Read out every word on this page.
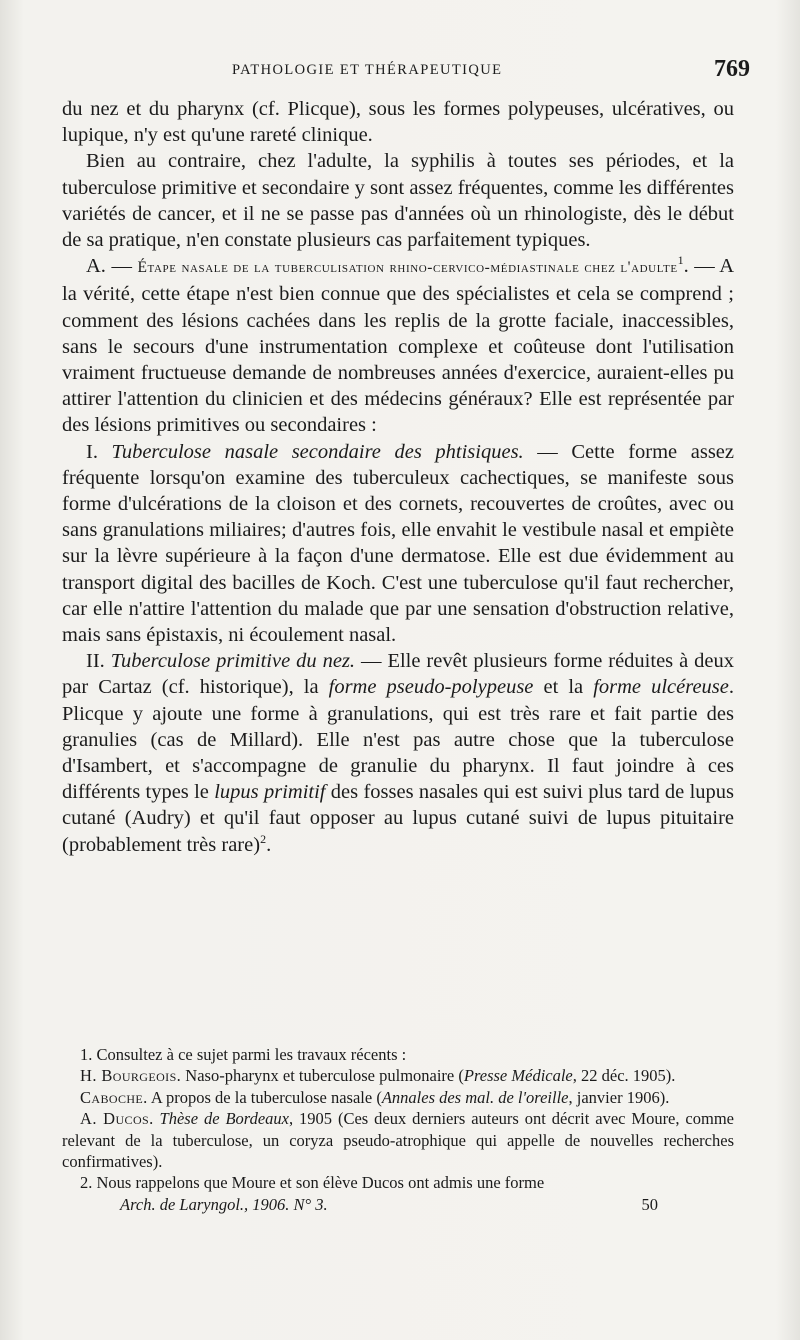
PATHOLOGIE ET THÉRAPEUTIQUE	769

du nez et du pharynx (cf. Plicque), sous les formes polypeuses, ulcératives, ou lupique, n'y est qu'une rareté clinique.

Bien au contraire, chez l'adulte, la syphilis à toutes ses périodes, et la tuberculose primitive et secondaire y sont assez fréquentes, comme les différentes variétés de cancer, et il ne se passe pas d'années où un rhinologiste, dès le début de sa pratique, n'en constate plusieurs cas parfaitement typiques.

A. — Étape nasale de la tuberculisation rhino-cervico-médiastinale chez l'adulte$^1$. — A la vérité, cette étape n'est bien connue que des spécialistes et cela se comprend ; comment des lésions cachées dans les replis de la grotte faciale, inaccessibles, sans le secours d'une instrumentation complexe et coûteuse dont l'utilisation vraiment fructueuse demande de nombreuses années d'exercice, auraient-elles pu attirer l'attention du clinicien et des médecins généraux? Elle est représentée par des lésions primitives ou secondaires :

I. Tuberculose nasale secondaire des phtisiques. — Cette forme assez fréquente lorsqu'on examine des tuberculeux cachectiques, se manifeste sous forme d'ulcérations de la cloison et des cornets, recouvertes de croûtes, avec ou sans granulations miliaires; d'autres fois, elle envahit le vestibule nasal et empiète sur la lèvre supérieure à la façon d'une dermatose. Elle est due évidemment au transport digital des bacilles de Koch. C'est une tuberculose qu'il faut rechercher, car elle n'attire l'attention du malade que par une sensation d'obstruction relative, mais sans épistaxis, ni écoulement nasal.

II. Tuberculose primitive du nez. — Elle revêt plusieurs forme réduites à deux par Cartaz (cf. historique), la forme pseudo-polypeuse et la forme ulcéreuse. Plicque y ajoute une forme à granulations, qui est très rare et fait partie des granulies (cas de Millard). Elle n'est pas autre chose que la tuberculose d'Isambert, et s'accompagne de granulie du pharynx. Il faut joindre à ces différents types le lupus primitif des fosses nasales qui est suivi plus tard de lupus cutané (Audry) et qu'il faut opposer au lupus cutané suivi de lupus pituitaire (probablement très rare)$^2$.

1. Consultez à ce sujet parmi les travaux récents :

H. Bourgeois. Naso-pharynx et tuberculose pulmonaire (Presse Médicale, 22 déc. 1905).

Caboche. A propos de la tuberculose nasale (Annales des mal. de l'oreille, janvier 1906).

A. Ducos. Thèse de Bordeaux, 1905 (Ces deux derniers auteurs ont décrit avec Moure, comme relevant de la tuberculose, un coryza pseudo-atrophique qui appelle de nouvelles recherches confirmatives).

2. Nous rappelons que Moure et son élève Ducos ont admis une forme

Arch. de Laryngol., 1906. N° 3.	50
